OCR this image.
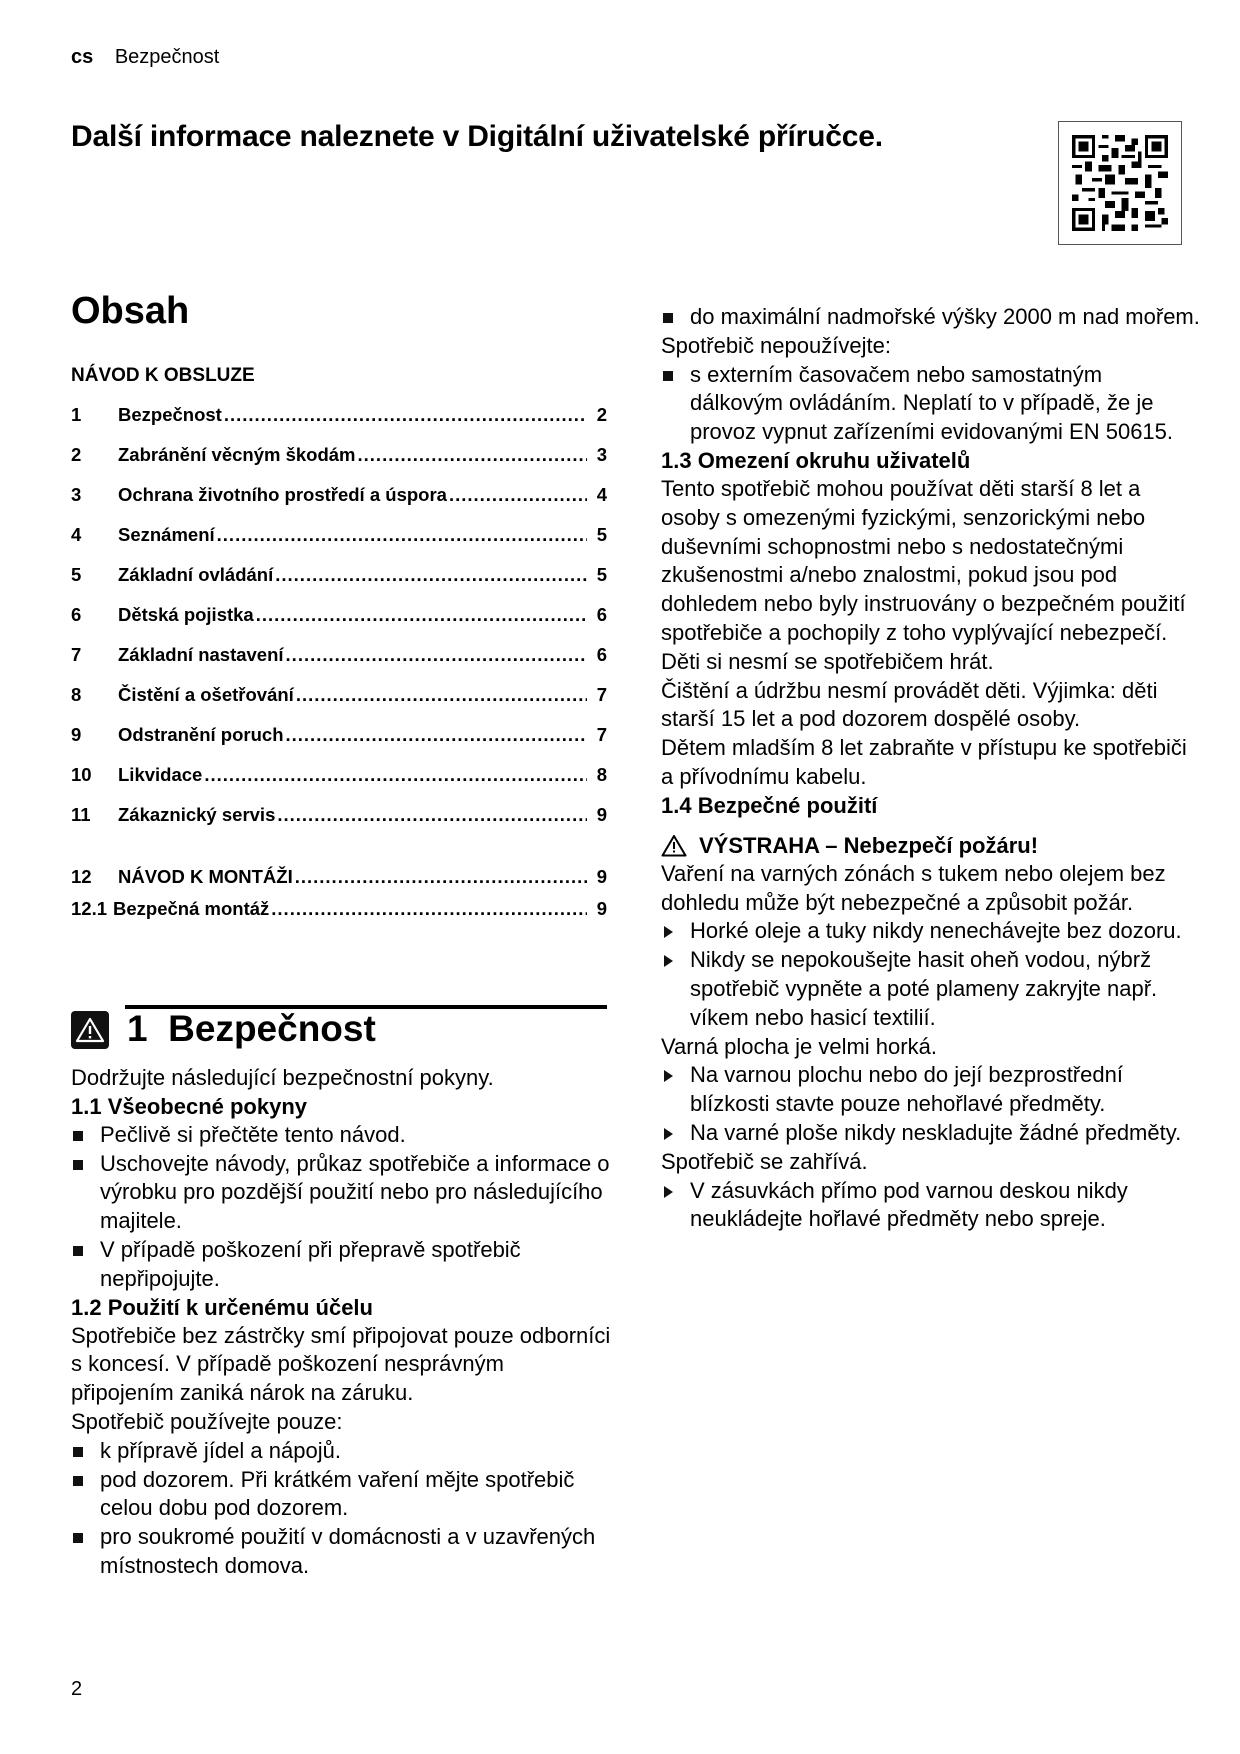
cs Bezpečnost
Další informace naleznete v Digitální uživatelské příručce.
Obsah
NÁVOD K OBSLUZE
1	Bezpečnost .....	2
2	Zabránění věcným škodám .....	3
3	Ochrana životního prostředí a úspora .....	4
4	Seznámení .....	5
5	Základní ovládání .....	5
6	Dětská pojistka .....	6
7	Základní nastavení .....	6
8	Čistění a ošetřování .....	7
9	Odstranění poruch .....	7
10	Likvidace .....	8
11	Zákaznický servis .....	9
12	NÁVOD K MONTÁŽI .....	9
12.1 Bezpečná montáž .....	9
1 Bezpečnost

Dodržujte následující bezpečnostní pokyny.

1.1 Všeobecné pokyny
Pečlivě si přečtěte tento návod.
Uschovejte návody, průkaz spotřebiče a informace o výrobku pro pozdější použití nebo pro následujícího majitele.
V případě poškození při přepravě spotřebič nepřipojujte.
1.2 Použití k určenému účelu

Spotřebiče bez zástrčky smí připojovat pouze odborníci s koncesí. V případě poškození nesprávným připojením zaniká nárok na záruku.

Spotřebič používejte pouze:

k přípravě jídel a nápojů.
pod dozorem. Při krátkém vaření mějte spotřebič celou dobu pod dozorem.
pro soukromé použití v domácnosti a v uzavřených místnostech domova.
do maximální nadmořské výšky 2000 m nad mořem.

Spotřebič nepoužívejte:

s externím časovačem nebo samostatným dálkovým ovládáním. Neplatí to v případě, že je provoz vypnut zařízeními evidovanými EN 50615.
1.3 Omezení okruhu uživatelů

Tento spotřebič mohou používat děti starší 8 let a osoby s omezenými fyzickými, senzorickými nebo duševními schopnostmi nebo s nedostatečnými zkušenostmi a/nebo znalostmi, pokud jsou pod dohledem nebo byly instruovány o bezpečném použití spotřebiče a pochopily z toho vyplývající nebezpečí.

Děti si nesmí se spotřebičem hrát.

Čištění a údržbu nesmí provádět děti. Výjimka: děti starší 15 let a pod dozorem dospělé osoby.

Dětem mladším 8 let zabraňte v přístupu ke spotřebiči a přívodnímu kabelu.

1.4 Bezpečné použití
VÝSTRAHA – Nebezpečí požáru!

Vaření na varných zónách s tukem nebo olejem bez dohledu může být nebezpečné a způsobit požár.

Horké oleje a tuky nikdy nenechávejte bez dozoru.
Nikdy se nepokoušejte hasit oheň vodou, nýbrž spotřebič vypněte a poté plameny zakryjte např. víkem nebo hasicí textilií.

Varná plocha je velmi horká.

Na varnou plochu nebo do její bezprostřední blízkosti stavte pouze nehořlavé předměty.
Na varné ploše nikdy neskladujte žádné předměty.

Spotřebič se zahřívá.

V zásuvkách přímo pod varnou deskou nikdy neukládejte hořlavé předměty nebo spreje.
2
